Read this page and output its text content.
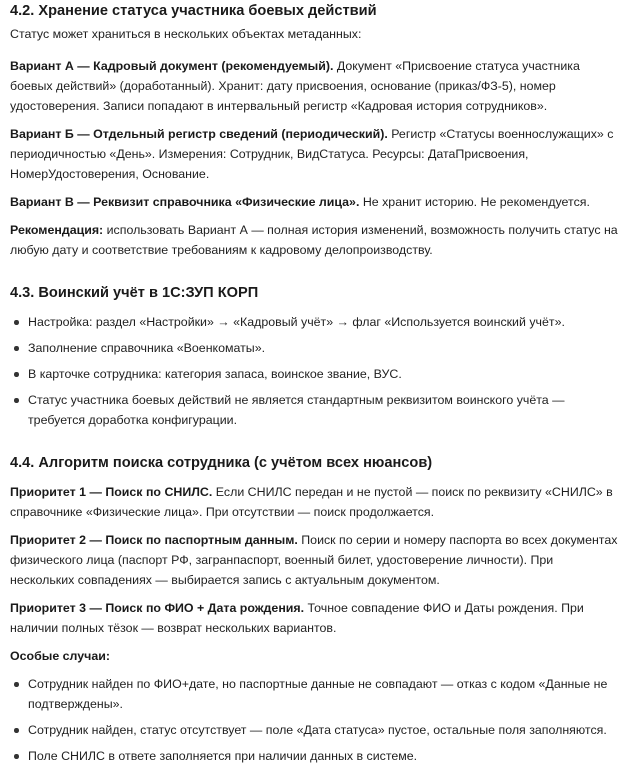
4.2. Хранение статуса участника боевых действий

Статус может храниться в нескольких объектах метаданных:

Вариант А — Кадровый документ (рекомендуемый). Документ «Присвоение статуса участника боевых действий» (доработанный). Хранит: дату присвоения, основание (приказ/ФЗ-5), номер удостоверения. Записи попадают в интервальный регистр «Кадровая история сотрудников».

Вариант Б — Отдельный регистр сведений (периодический). Регистр «Статусы военнослужащих» с периодичностью «День». Измерения: Сотрудник, ВидСтатуса. Ресурсы: ДатаПрисвоения, НомерУдостоверения, Основание.

Вариант В — Реквизит справочника «Физические лица». Не хранит историю. Не рекомендуется.

Рекомендация: использовать Вариант А — полная история изменений, возможность получить статус на любую дату и соответствие требованиям к кадровому делопроизводству.

4.3. Воинский учёт в 1С:ЗУП КОРП
Настройка: раздел «Настройки» → «Кадровый учёт» → флаг «Используется воинский учёт».
Заполнение справочника «Военкоматы».
В карточке сотрудника: категория запаса, воинское звание, ВУС.
Статус участника боевых действий не является стандартным реквизитом воинского учёта — требуется доработка конфигурации.
4.4. Алгоритм поиска сотрудника (с учётом всех нюансов)

Приоритет 1 — Поиск по СНИЛС. Если СНИЛС передан и не пустой — поиск по реквизиту «СНИЛС» в справочнике «Физические лица». При отсутствии — поиск продолжается.

Приоритет 2 — Поиск по паспортным данным. Поиск по серии и номеру паспорта во всех документах физического лица (паспорт РФ, загранпаспорт, военный билет, удостоверение личности). При нескольких совпадениях — выбирается запись с актуальным документом.

Приоритет 3 — Поиск по ФИО + Дата рождения. Точное совпадение ФИО и Даты рождения. При наличии полных тёзок — возврат нескольких вариантов.

Особые случаи:

Сотрудник найден по ФИО+дате, но паспортные данные не совпадают — отказ с кодом «Данные не подтверждены».
Сотрудник найден, статус отсутствует — поле «Дата статуса» пустое, остальные поля заполняются.
Поле СНИЛС в ответе заполняется при наличии данных в системе.
